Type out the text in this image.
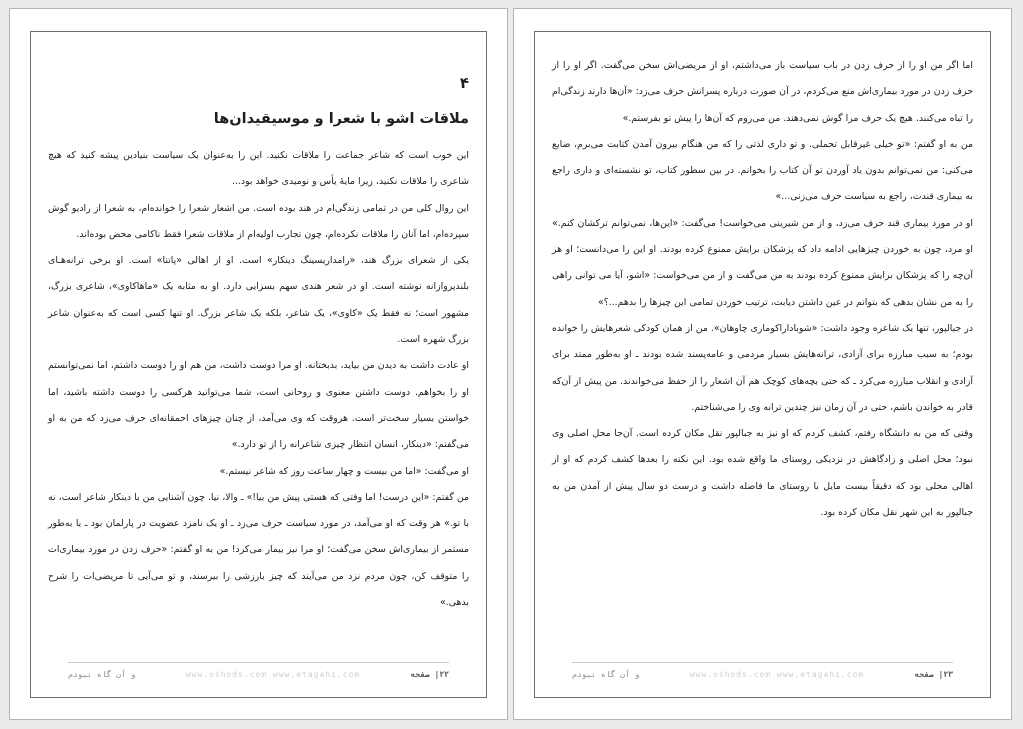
۴
ملاقات اشو با شعرا و موسیقیدان‌ها

این خوب است که شاعر جماعت را ملاقات نکنید. این را به‌عنوان یک سیاست بنیادین پیشه کنید که هیچ شاعری را ملاقات نکنید، زیرا مایهٔ یأس و نومیدی خواهد بود...

این روال کلی من در تمامی زندگی‌ام در هند بوده است. من اشعار شعرا را خوانده‌ام، به شعرا از رادیو گوش سپرده‌ام، اما آنان را ملاقات نکرده‌ام، چون تجارب اولیه‌ام از ملاقات شعرا فقط ناکامی محض بوده‌اند.

یکی از شعرای بزرگ هند، «رامداریسینگ دینکار» است. او از اهالی «پاتنا» است. او برخی ترانه‌هـای بلندپروازانه نوشته است. او در شعر هندی سهم بسزایی دارد. او به مثابه یک «ماهاکاوی»، شاعری بزرگ، مشهور است؛ نه فقط یک «کاوی»، یک شاعر، بلکه یک شاعر بزرگ. او تنها کسی است که به‌عنوان شاعر بزرگ شهره است.

او عادت داشت به دیدن من بیاید، بدبختانه. او مرا دوست داشت، من هم او را دوست داشتم، اما نمی‌توانستم او را بخواهم. دوست داشتن معنوی و روحانی است، شما می‌توانید هرکسی را دوست داشته باشید، اما خواستن بسیار سخت‌تر است. هروقت که وی می‌آمد، از چنان چیزهای احمقانه‌ای حرف می‌زد که من به او می‌گفتم: «دینکار، انسان انتظار چیزی شاعرانه را از تو دارد.»

او می‌گفت: «اما من بیست و چهار ساعت روز که شاعر نیستم.»

من گفتم: «این درست! اما وقتی که هستی پیش من بیا!» ـ والا، نیا. چون آشنایی من با دینکار شاعر است، نه با تو.» هر وقت که او می‌آمد، در مورد سیاست حرف می‌زد ـ او یک نامزد عضویت در پارلمان بود ـ یا به‌طور مستمر از بیماری‌اش سخن می‌گفت؛ او مرا نیز بیمار می‌کرد! من به او گفتم: «حرف زدن در مورد بیماری‌ات را متوقف کن، چون مردم نزد من می‌آیند که چیز بارزشی را بیرسند، و تو می‌آیی تا مریضی‌ات را شرح بدهی.»

و آن گاه نبودم	www.oshods.com www.etagahi.com	۲۲| صفحه

اما اگر من او را از حرف زدن در باب سیاست باز می‌داشتم، او از مریضی‌اش سخن می‌گفت. اگر او را از حرف زدن در مورد بیماری‌اش منع می‌کردم، در آن صورت درباره پسرانش حرف می‌زد: «آن‌ها دارند زندگی‌ام را تباه می‌کنند. هیچ یک حرف مرا گوش نمی‌دهند. من می‌روم که آن‌ها را پیش تو بفرستم.»

من به او گفتم: «تو خیلی غیرقابل تحملی. و تو داری لذتی را که من هنگام بیرون آمدن کتابت می‌برم، ضایع می‌کنی: من نمی‌توانم بدون یاد آوردن تو آن کتاب را بخوانم. در بین سطور کتاب، تو نشسته‌ای و داری راجع به بیماری قندت، راجع به سیاست حرف می‌زنی...»

او در مورد بیماری قند حرف می‌زد، و از من شیرینی می‌خواست! می‌گفت: «این‌ها، نمی‌توانم ترکشان کنم.» او مرد، چون به خوردن چیزهایی ادامه داد که پزشکان برایش ممنوع کرده بودند. او این را می‌دانست؛ او هر آن‌چه را که پزشکان برایش ممنوع کرده بودند به من می‌گفت و از من می‌خواست: «اشو، آیا می توانی راهی را به من نشان بدهی که بتوانم در عین داشتن دیابت، ترتیب خوردن تمامی این چیزها را بدهم...؟»

در جبالپور، تنها یک شاعره وجود داشت: «شوباداراکوماری چاوهان». من از همان کودکی شعرهایش را خوانده بودم؛ به سبب مبارزه برای آزادی، ترانه‌هایش بسیار مردمی و عامه‌پسند شده بودند ـ او به‌طور ممتد برای آزادی و انقلاب مبارزه می‌کرد ـ که حتی بچه‌های کوچک هم آن اشعار را از حفظ می‌خواندند. من پیش از آن‌که قادر به خواندن باشم، حتی در آن زمان نیز چندین ترانه وی را می‌شناختم.

وقتی که من به دانشگاه رفتم، کشف کردم که او نیز به جبالپور نقل مکان کرده است. آن‌جا محل اصلی وی نبود؛ محل اصلی و زادگاهش در نزدیکی روستای ما واقع شده بود. این نکته را بعدها کشف کردم که او از اهالی محلی بود که دقیقاً بیست مایل با روستای ما فاصله داشت و درست دو سال پیش از آمدن من به جبالپور به این شهر نقل مکان کرده بود.

و آن گاه نبودم	www.oshods.com www.etagahi.com	۲۳| صفحه
